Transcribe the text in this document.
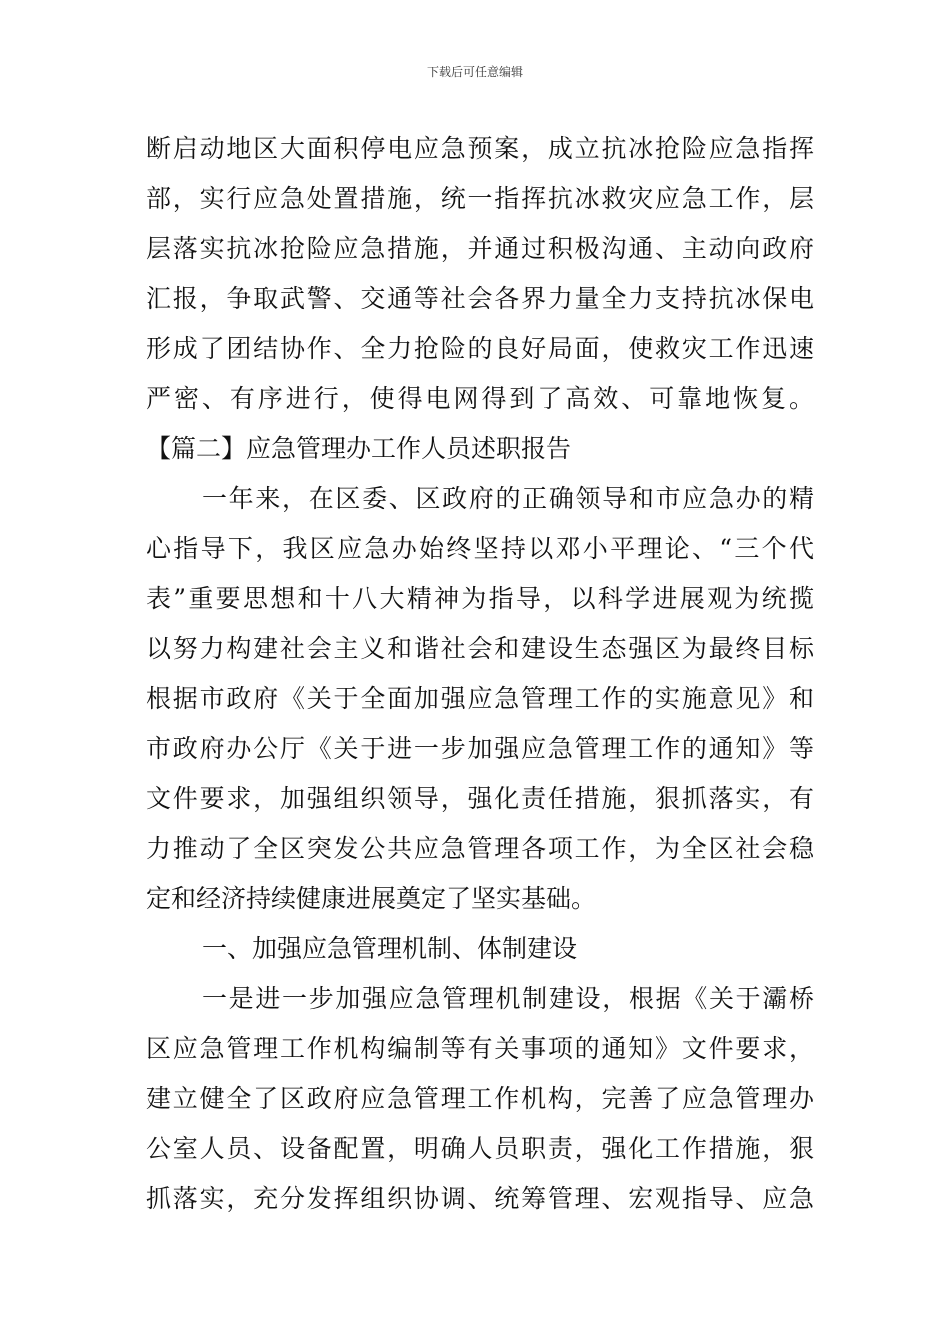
下载后可任意编辑
断启动地区大面积停电应急预案，成立抗冰抢险应急指挥
部，实行应急处置措施，统一指挥抗冰救灾应急工作，层
层落实抗冰抢险应急措施，并通过积极沟通、主动向政府
汇报，争取武警、交通等社会各界力量全力支持抗冰保电
形成了团结协作、全力抢险的良好局面，使救灾工作迅速
严密、有序进行，使得电网得到了高效、可靠地恢复。
【篇二】应急管理办工作人员述职报告
一年来，在区委、区政府的正确领导和市应急办的精
心指导下，我区应急办始终坚持以邓小平理论、“三个代
表”重要思想和十八大精神为指导，以科学进展观为统揽
以努力构建社会主义和谐社会和建设生态强区为最终目标
根据市政府《关于全面加强应急管理工作的实施意见》和
市政府办公厅《关于进一步加强应急管理工作的通知》等
文件要求，加强组织领导，强化责任措施，狠抓落实，有
力推动了全区突发公共应急管理各项工作，为全区社会稳
定和经济持续健康进展奠定了坚实基础。
一、加强应急管理机制、体制建设
一是进一步加强应急管理机制建设，根据《关于灞桥
区应急管理工作机构编制等有关事项的通知》文件要求，
建立健全了区政府应急管理工作机构，完善了应急管理办
公室人员、设备配置，明确人员职责，强化工作措施，狠
抓落实，充分发挥组织协调、统筹管理、宏观指导、应急
